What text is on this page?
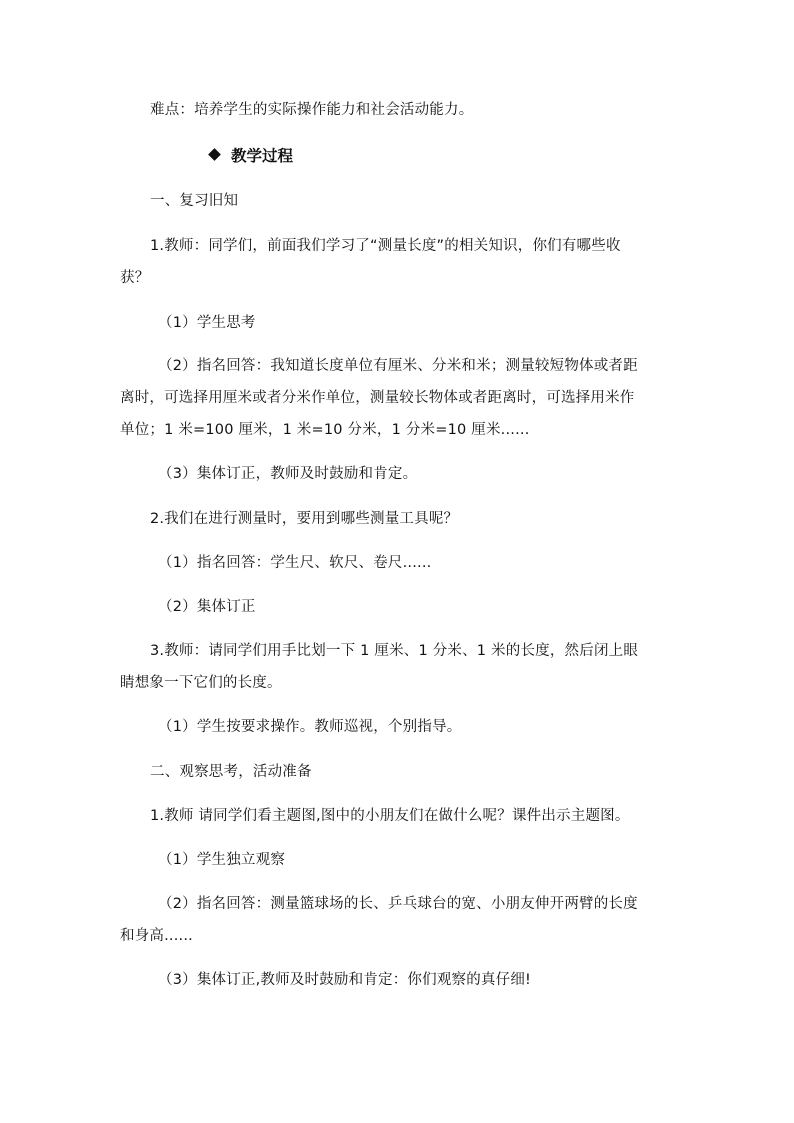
难点：培养学生的实际操作能力和社会活动能力。
教学过程
一、复习旧知
1.教师：同学们，前面我们学习了“测量长度”的相关知识，你们有哪些收
获？
（1）学生思考
（2）指名回答：我知道长度单位有厘米、分米和米；测量较短物体或者距
离时，可选择用厘米或者分米作单位，测量较长物体或者距离时，可选择用米作
单位；1 米=100 厘米，1 米=10 分米，1 分米=10 厘米......
（3）集体订正，教师及时鼓励和肯定。
2.我们在进行测量时，要用到哪些测量工具呢？
（1）指名回答：学生尺、软尺、卷尺......
（2）集体订正
3.教师：请同学们用手比划一下 1 厘米、1 分米、1 米的长度，然后闭上眼
睛想象一下它们的长度。
（1）学生按要求操作。教师巡视，个别指导。
二、观察思考，活动准备
1.教师 请同学们看主题图,图中的小朋友们在做什么呢？课件出示主题图。
（1）学生独立观察
（2）指名回答：测量篮球场的长、乒乓球台的宽、小朋友伸开两臂的长度
和身高......
（3）集体订正,教师及时鼓励和肯定：你们观察的真仔细!
